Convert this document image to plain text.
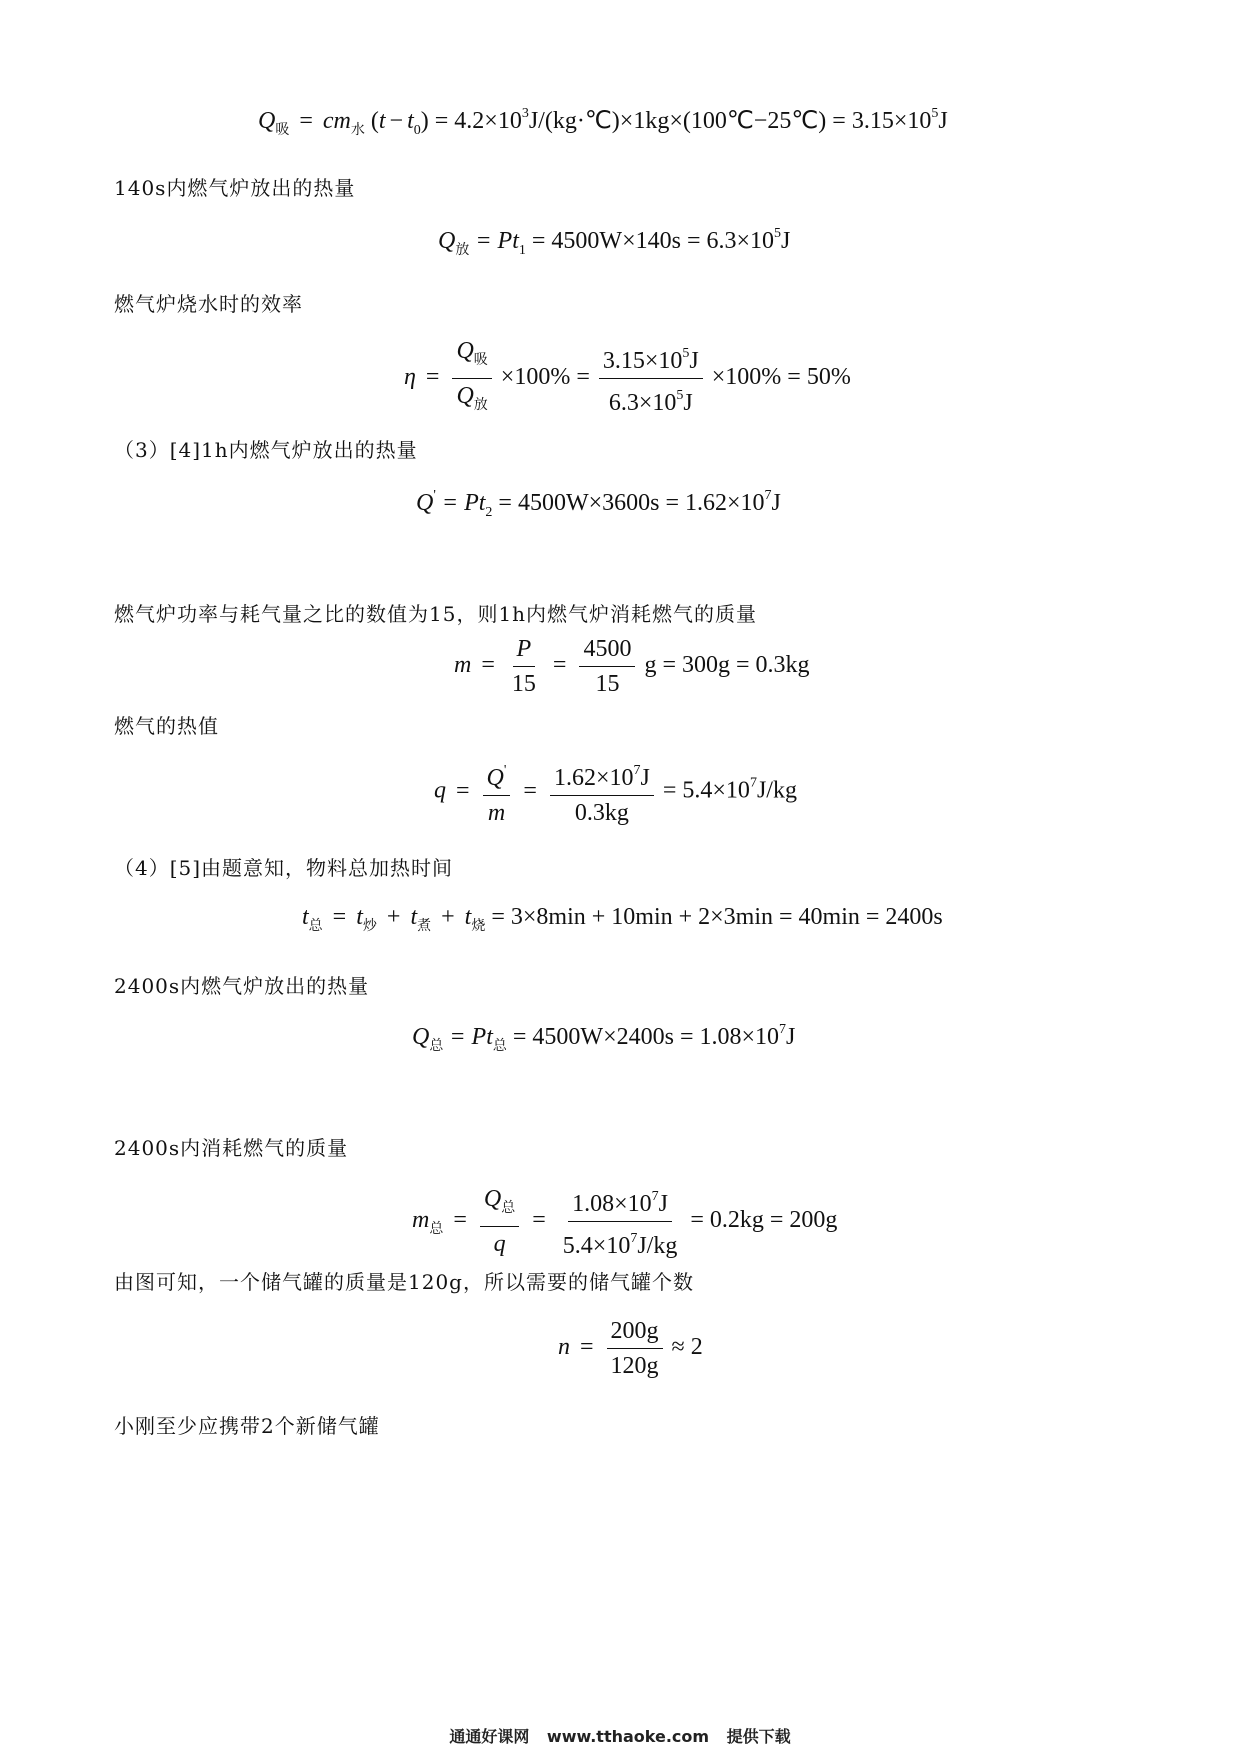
$Q_吸 = cm_水$ $(t - t_0)$ = $4.2\times 10^3J/(kg\cdot℃)\times 1kg\times(100℃-25℃) = 3.15\times 10^5J$
140s内燃气炉放出的热量
$Q_放 = Pt_1 = 4500W\times 140s = 6.3\times 10^5J$
燃气炉烧水时的效率
$\eta = \frac{Q_吸}{Q_放} \times 100\% = \frac{3.15\times 10^5J}{6.3\times 10^5J} \times 100\% = 50\%$
（3）[4]1h内燃气炉放出的热量
$Q' = Pt_2 = 4500W\times 3600s = 1.62\times 10^7J$
燃气炉功率与耗气量之比的数值为15，则1h内燃气炉消耗燃气的质量
$m = \frac{P}{15} = \frac{4500}{15}$ g = 300g = 0.3kg
燃气的热值
$q = \frac{Q'}{m} = \frac{1.62\times 10^7J}{0.3kg} = 5.4\times 10^7J/kg$
（4）[5]由题意知，物料总加热时间
$t_总 = t_炒 + t_煮 + t_烧 = 3\times 8\min + 10\min + 2\times 3\min = 40\min = 2400s$
2400s内燃气炉放出的热量
$Q_总 = Pt_总 = 4500W\times 2400s = 1.08\times 10^7J$
2400s内消耗燃气的质量
$m_总 = \frac{Q_总}{q} = \frac{1.08\times 10^7J}{5.4\times 10^7J/kg} = 0.2kg = 200g$
由图可知，一个储气罐的质量是120g，所以需要的储气罐个数
$n = \frac{200g}{120g} \approx 2$
小刚至少应携带2个新储气罐
通通好课网 www.tthaoke.com 提供下载
